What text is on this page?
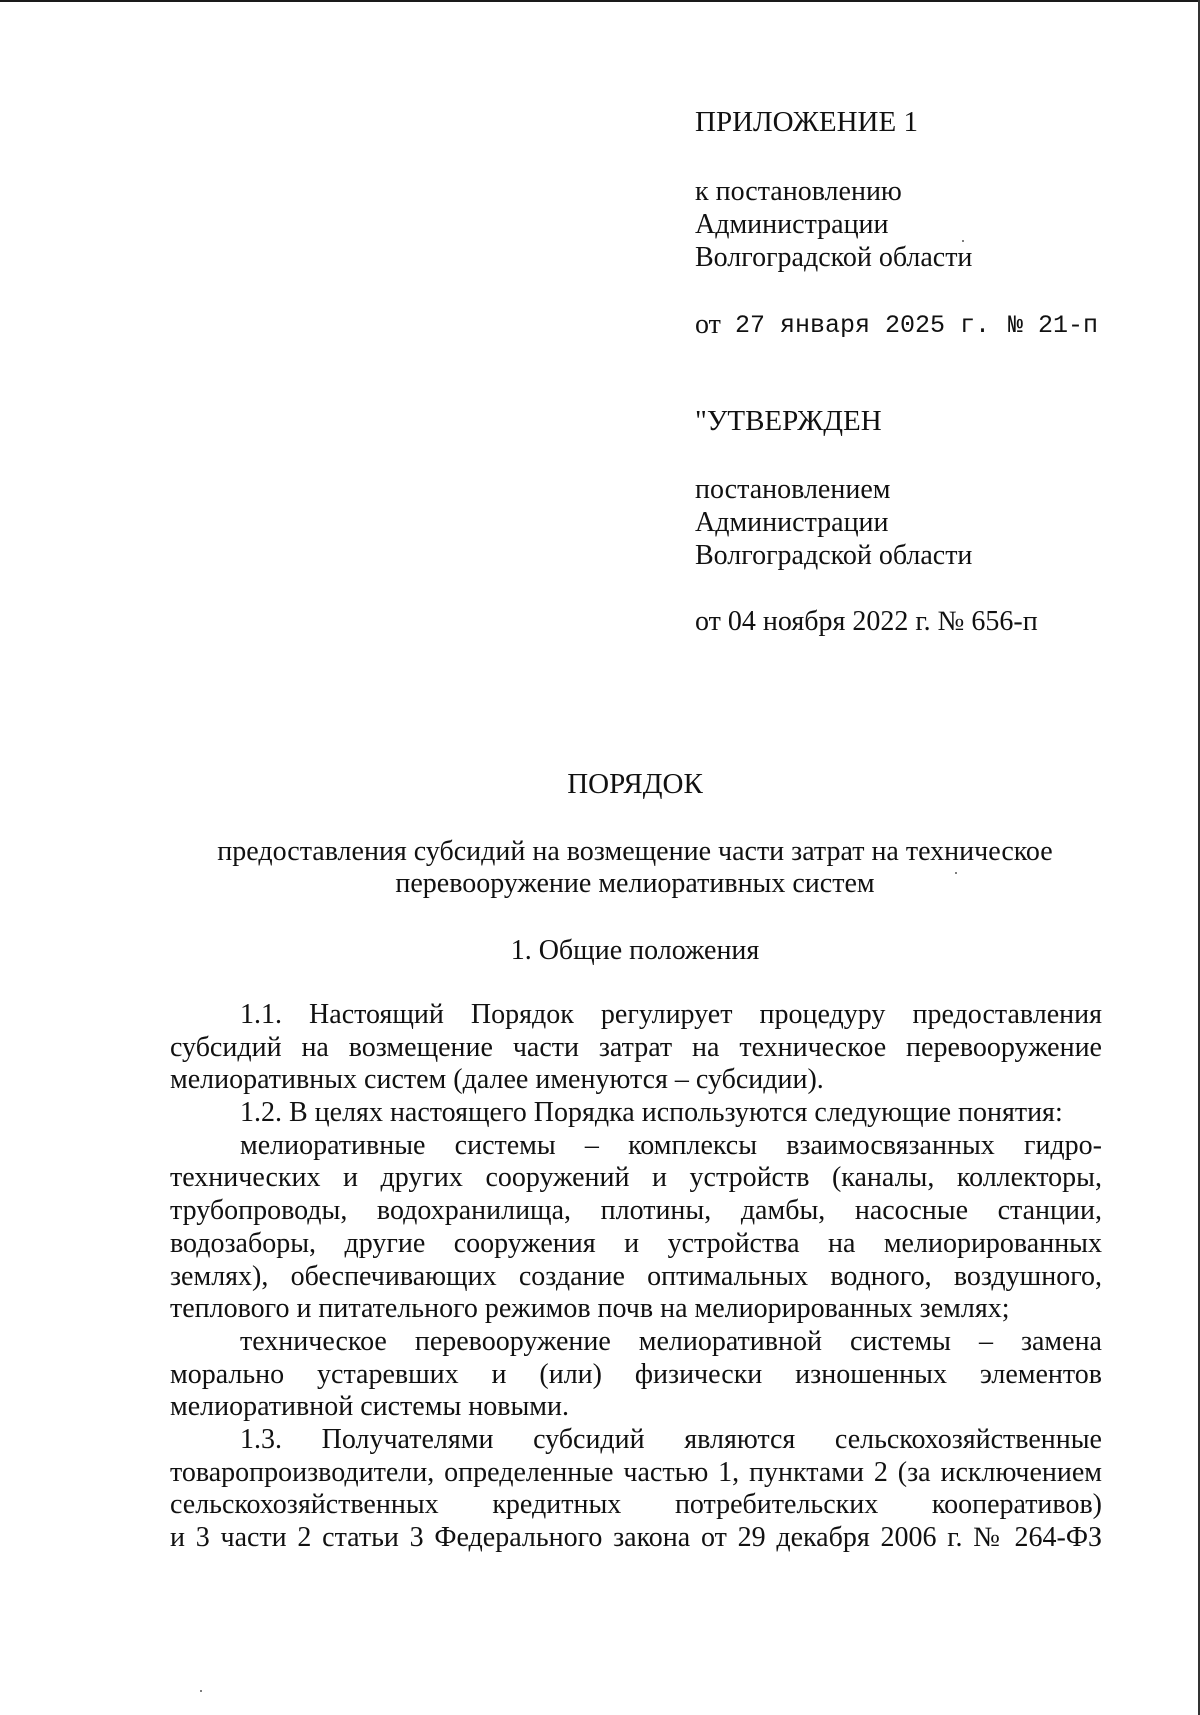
ПРИЛОЖЕНИЕ 1
к постановлению
Администрации
Волгоградской области
от 27 января 2025 г. № 21-п
"УТВЕРЖДЕН
постановлением
Администрации
Волгоградской области
от 04 ноября 2022 г. № 656-п
ПОРЯДОК
предоставления субсидий на возмещение части затрат на техническое
перевооружение мелиоративных систем
1. Общие положения
1.1. Настоящий Порядок регулирует процедуру предоставления
субсидий на возмещение части затрат на техническое перевооружение
мелиоративных систем (далее именуются – субсидии).
1.2. В целях настоящего Порядка используются следующие понятия:
мелиоративные системы – комплексы взаимосвязанных гидро-
технических и других сооружений и устройств (каналы, коллекторы,
трубопроводы, водохранилища, плотины, дамбы, насосные станции,
водозаборы, другие сооружения и устройства на мелиорированных
землях), обеспечивающих создание оптимальных водного, воздушного,
теплового и питательного режимов почв на мелиорированных землях;
техническое перевооружение мелиоративной системы – замена
морально устаревших и (или) физически изношенных элементов
мелиоративной системы новыми.
1.3. Получателями субсидий являются сельскохозяйственные
товаропроизводители, определенные частью 1, пунктами 2 (за исключением
сельскохозяйственных кредитных потребительских кооперативов)
и 3 части 2 статьи 3 Федерального закона от 29 декабря 2006 г. № 264-ФЗ
